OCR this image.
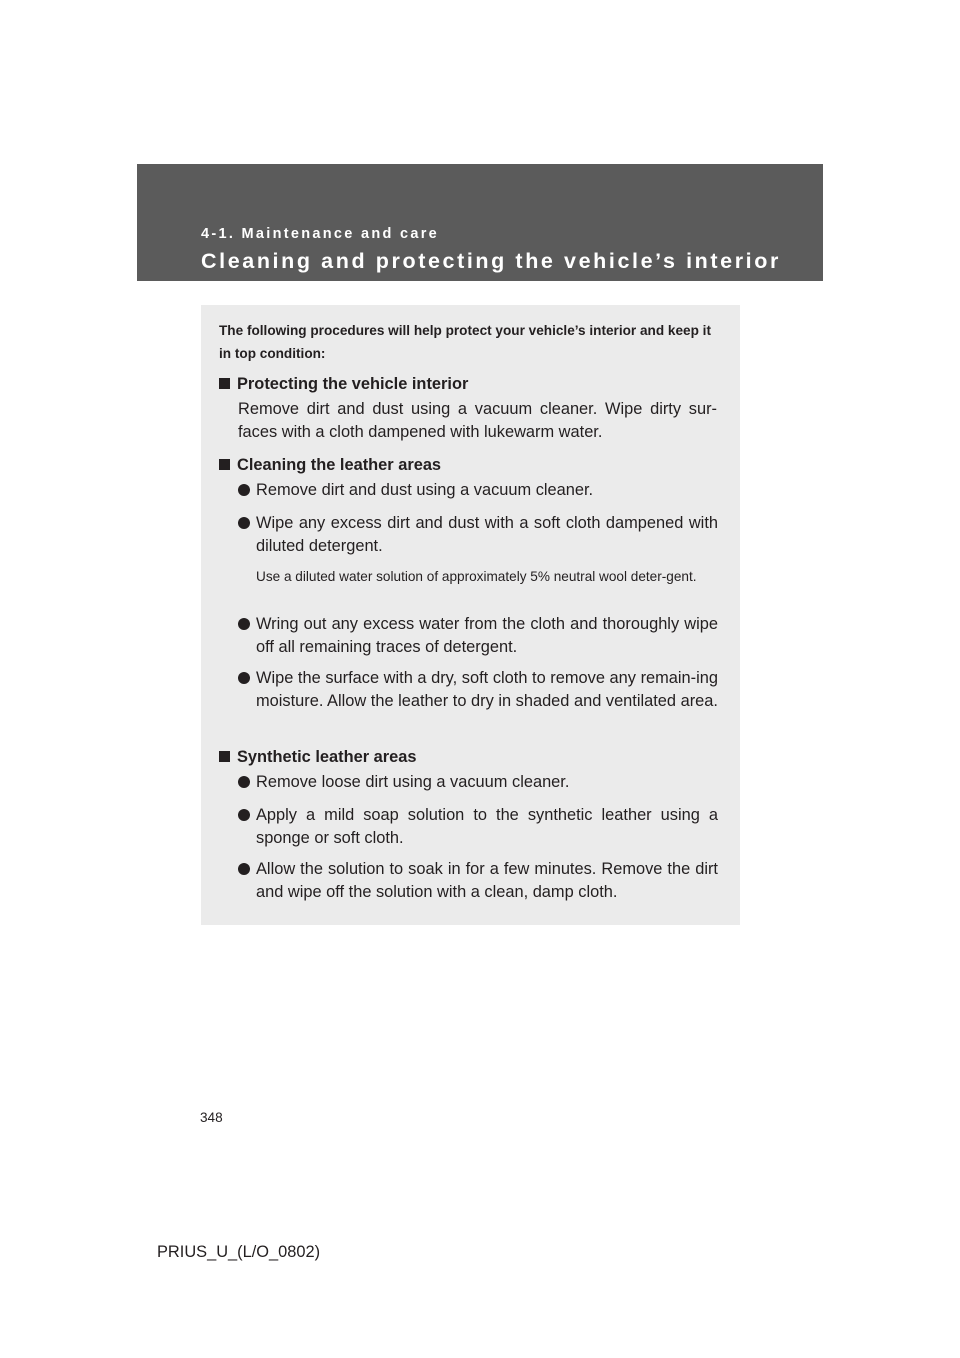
4-1. Maintenance and care
Cleaning and protecting the vehicle’s interior
The following procedures will help protect your vehicle’s interior and keep it in top condition:
Protecting the vehicle interior
Remove dirt and dust using a vacuum cleaner. Wipe dirty sur-faces with a cloth dampened with lukewarm water.
Cleaning the leather areas
Remove dirt and dust using a vacuum cleaner.
Wipe any excess dirt and dust with a soft cloth dampened with diluted detergent.
Use a diluted water solution of approximately 5% neutral wool deter-gent.
Wring out any excess water from the cloth and thoroughly wipe off all remaining traces of detergent.
Wipe the surface with a dry, soft cloth to remove any remain-ing moisture. Allow the leather to dry in shaded and ventilated area.
Synthetic leather areas
Remove loose dirt using a vacuum cleaner.
Apply a mild soap solution to the synthetic leather using a sponge or soft cloth.
Allow the solution to soak in for a few minutes. Remove the dirt and wipe off the solution with a clean, damp cloth.
348
PRIUS_U_(L/O_0802)
